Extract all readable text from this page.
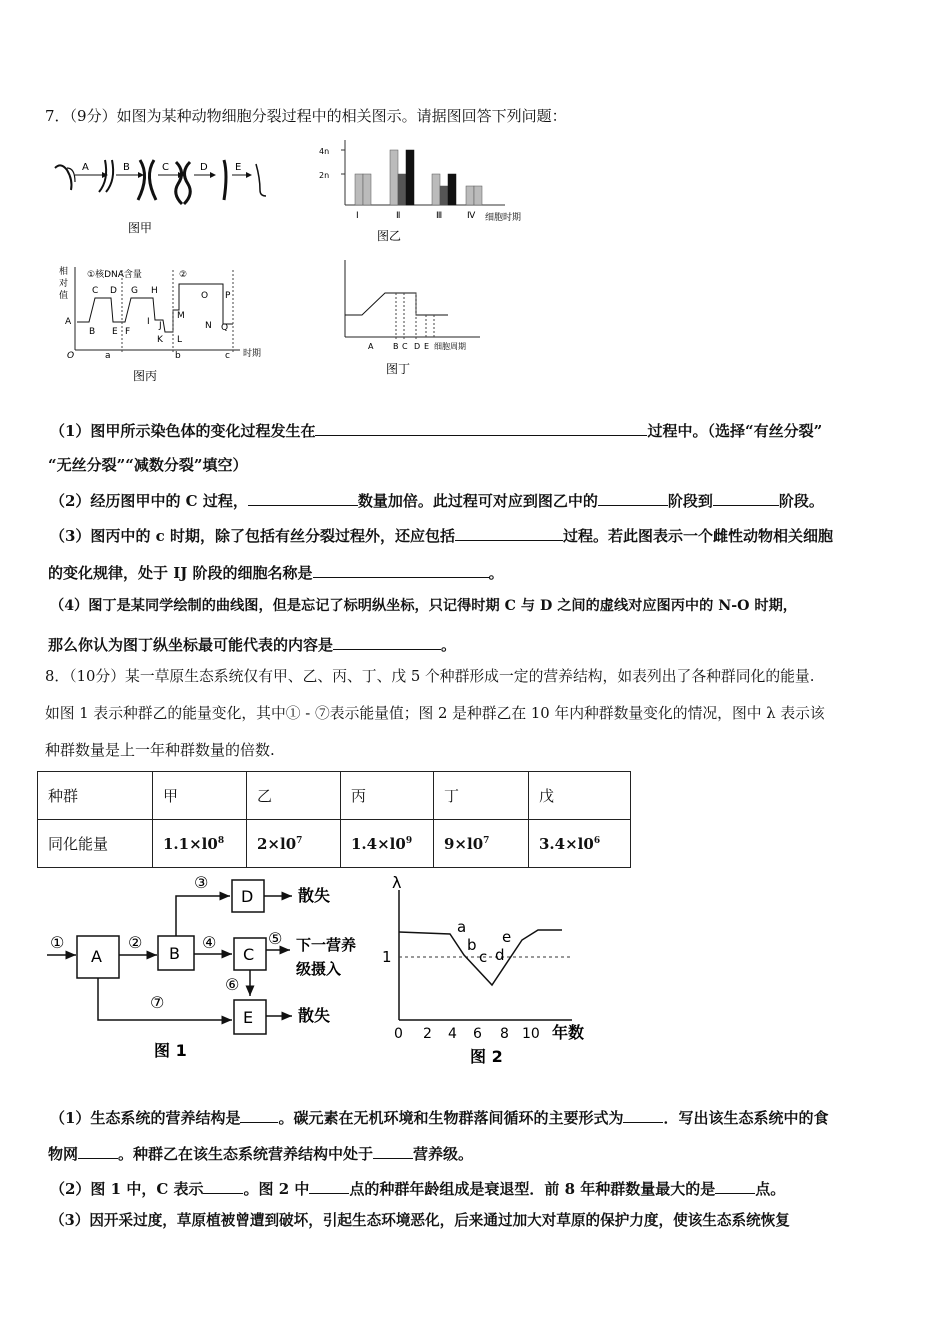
7．（9分）如图为某种动物细胞分裂过程中的相关图示。请据图回答下列问题：
A	B	C	D	E
图甲
4n
2n
Ⅰ	Ⅱ	Ⅲ	Ⅳ 细胞时期
图乙
相
对
值
①核DNA含量	②
A
B
C D
E F
G H
I J
K L
M
N
O P
Q
O	a	b	c 时期
图丙
A B C D E 细胞周期
图丁
（1）图甲所示染色体的变化过程发生在	过程中。（选择“有丝分裂”
“无丝分裂”“减数分裂”填空）
（2）经历图甲中的 C 过程，	数量加倍。此过程可对应到图乙中的	阶段到	阶段。
（3）图丙中的 c 时期，除了包括有丝分裂过程外，还应包括	过程。若此图表示一个雌性动物相关细胞
的变化规律，处于 IJ 阶段的细胞名称是	。
（4）图丁是某同学绘制的曲线图，但是忘记了标明纵坐标，只记得时期 C 与 D 之间的虚线对应图丙中的 N-O 时期，
那么你认为图丁纵坐标最可能代表的内容是	。
8．（10分）某一草原生态系统仅有甲、乙、丙、丁、戊 5 个种群形成一定的营养结构，如表列出了各种群同化的能量.
如图 1 表示种群乙的能量变化，其中① - ⑦表示能量值；图 2 是种群乙在 10 年内种群数量变化的情况，图中 λ 表示该
种群数量是上一年种群数量的倍数.
种群	甲	乙	丙	丁	戊
同化能量	$1.1\times l0^8$	$2\times l0^7$	$1.4\times l0^9$	$9\times l0^7$	$3.4\times l0^6$
①
A
②
B
③
D	散失
④
C
⑤ 下一营养
级摄入
⑥
⑦
E	散失
图 1
λ
1
a
b
c d
e
0 2 4 6 8 10 年数
图 2
（1）生态系统的营养结构是	。碳元素在无机环境和生物群落间循环的主要形式为	．写出该生态系统中的食
物网	。种群乙在该生态系统营养结构中处于	营养级。
（2）图 1 中，C 表示	。图 2 中	点的种群年龄组成是衰退型．前 8 年种群数量最大的是	点。
（3）因开采过度，草原植被曾遭到破坏，引起生态环境恶化，后来通过加大对草原的保护力度，使该生态系统恢复
